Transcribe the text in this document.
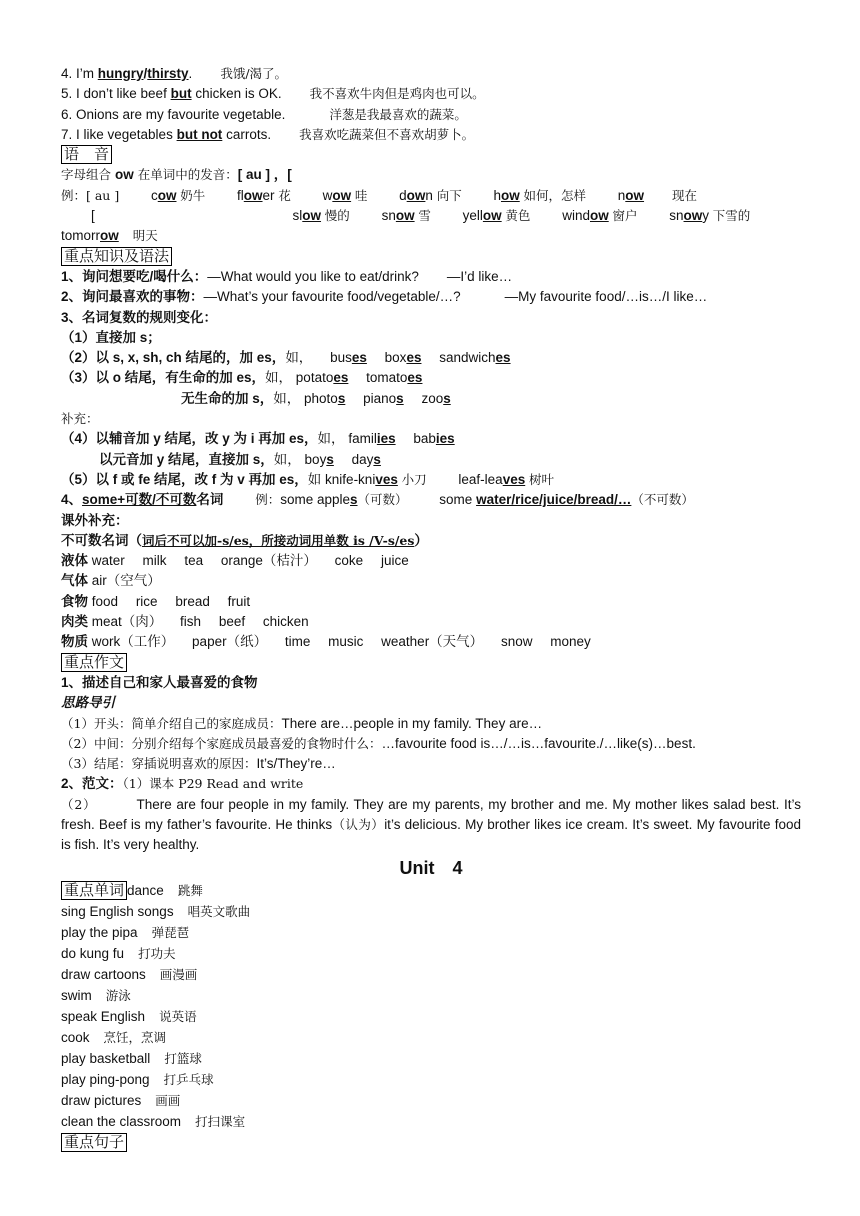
4. I’m hungry/thirsty. 我饿/渴了。
5. I don’t like beef but chicken is OK. 我不喜欢牛肉但是鸡肉也可以。
6. Onions are my favourite vegetable.	洋葱是我最喜欢的蔬菜。
7. I like vegetables but not carrots. 我喜欢吃蔬菜但不喜欢胡萝卜。
语　音
字母组合 ow 在单词中的发音：[ au ] ，[
例：[ au ] cow 奶牛 flower 花 wow 哇 down 向下 how 如何，怎样 now 现在
[	slow 慢的 snow 雪 yellow 黄色 window 窗户 snowy 下雪的
tomorrow 明天
重点知识及语法
1、询问想要吃/喝什么：—What would you like to eat/drink? —I’d like…
2、询问最喜欢的事物：—What’s your favourite food/vegetable/…?	—My favourite food/…is…/I like…
3、名词复数的规则变化：
（1）直接加 s；
（2）以 s, x, sh, ch 结尾的，加 es，如， buses boxes sandwiches
（3）以 o 结尾，有生命的加 es，如， potatoes tomatoes
无生命的加 s，如， photos pianos zoos
补充：
（4）以辅音加 y 结尾，改 y 为 i 再加 es，如， families babies
以元音加 y 结尾，直接加 s，如， boys days
（5）以 f 或 fe 结尾，改 f 为 v 再加 es，如 knife-knives 小刀 leaf-leaves 树叶
4、some+可数/不可数名词	例：some apples（可数） some water/rice/juice/bread/…（不可数）
课外补充：
不可数名词（词后不可以加-s/es，所接动词用单数 is /V-s/es）
液体 water milk tea orange（桔汁） coke juice
气体 air（空气）
食物 food rice bread fruit
肉类 meat（肉） fish beef chicken
物质 work（工作） paper（纸） time music weather（天气） snow money
重点作文
1、描述自己和家人最喜爱的食物
思路导引
（1）开头：简单介绍自己的家庭成员：There are…people in my family. They are…
（2）中间：分别介绍每个家庭成员最喜爱的食物时什么：…favourite food is…/…is…favourite./…like(s)…best.
（3）结尾：穿插说明喜欢的原因：It’s/They’re…
2、范文：（1）课本 P29 Read and write
（2）	There are four people in my family. They are my parents, my brother and me. My mother likes salad best. It’s fresh. Beef is my father’s favourite. He thinks（认为）it’s delicious. My brother likes ice cream. It’s sweet. My favourite food is fish. It’s very healthy.
Unit　4
重点单词 dance 跳舞
sing English songs 唱英文歌曲
play the pipa 弹琵琶
do kung fu 打功夫
draw cartoons 画漫画
swim 游泳
speak English 说英语
cook 烹饪，烹调
play basketball 打篮球
play ping-pong 打乒乓球
draw pictures 画画
clean the classroom 打扫课室
重点句子
